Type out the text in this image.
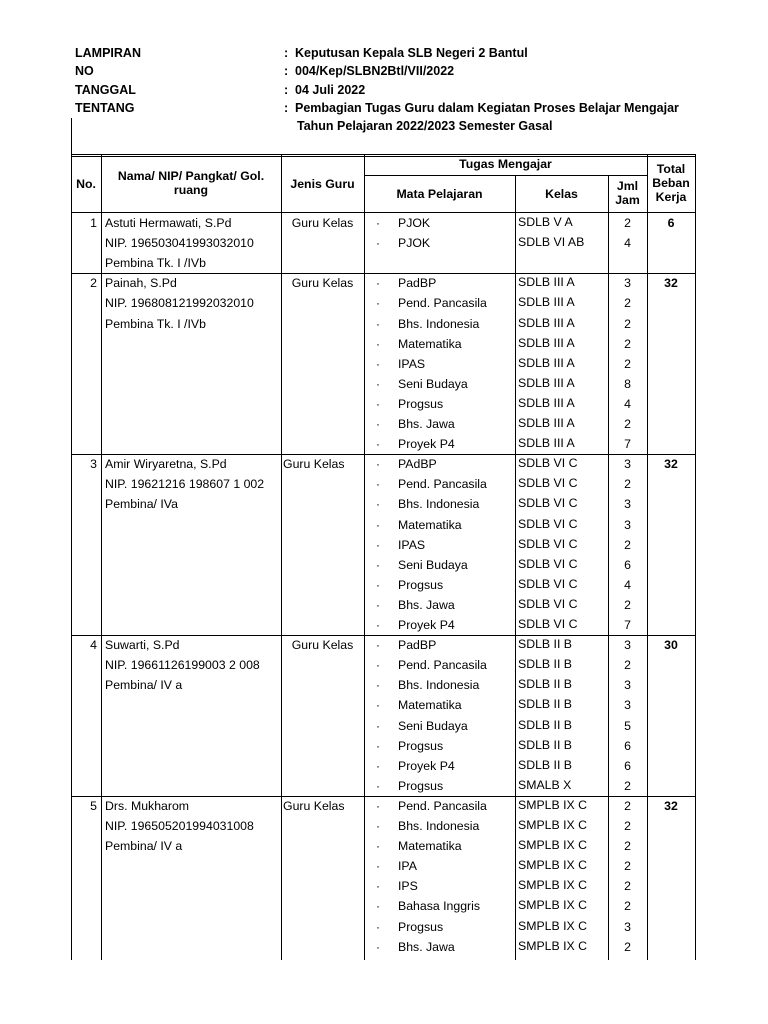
LAMPIRAN	: Keputusan Kepala SLB Negeri 2 Bantul
NO	: 004/Kep/SLBN2Btl/VII/2022
TANGGAL	: 04 Juli 2022
TENTANG	: Pembagian Tugas Guru dalam Kegiatan Proses Belajar Mengajar
Tahun Pelajaran 2022/2023 Semester Gasal
No.
Nama/ NIP/ Pangkat/ Gol. ruang	Jenis Guru
Tugas Mengajar
Mata Pelajaran	Kelas
Jml Jam
Total Beban Kerja
1 Astuti Hermawati, S.Pd
NIP. 196503041993032010
Pembina Tk. I /IVb
Guru Kelas	6
· PJOK	SDLB V A	2
· PJOK	SDLB VI AB	4
2 Painah, S.Pd
NIP. 196808121992032010
Pembina Tk. I /IVb
Guru Kelas	32
· PadBP	SDLB III A	3
· Pend. Pancasila	SDLB III A	2
· Bhs. Indonesia	SDLB III A	2
· Matematika	SDLB III A	2
· IPAS	SDLB III A	2
· Seni Budaya	SDLB III A	8
· Progsus	SDLB III A	4
· Bhs. Jawa	SDLB III A	2
· Proyek P4	SDLB III A	7
3 Amir Wiryaretna, S.Pd
NIP. 19621216 198607 1 002
Pembina/ IVa
Guru Kelas	32
· PAdBP	SDLB VI C	3
· Pend. Pancasila	SDLB VI C	2
· Bhs. Indonesia	SDLB VI C	3
· Matematika	SDLB VI C	3
· IPAS	SDLB VI C	2
· Seni Budaya	SDLB VI C	6
· Progsus	SDLB VI C	4
· Bhs. Jawa	SDLB VI C	2
· Proyek P4	SDLB VI C	7
4 Suwarti, S.Pd
NIP. 19661126199003 2 008
Pembina/ IV a
Guru Kelas	30
· PadBP	SDLB II B	3
· Pend. Pancasila	SDLB II B	2
· Bhs. Indonesia	SDLB II B	3
· Matematika	SDLB II B	3
· Seni Budaya	SDLB II B	5
· Progsus	SDLB II B	6
· Proyek P4	SDLB II B	6
· Progsus	SMALB X	2
5 Drs. Mukharom
NIP. 196505201994031008
Pembina/ IV a
Guru Kelas	32
· Pend. Pancasila	SMPLB IX C	2
· Bhs. Indonesia	SMPLB IX C	2
· Matematika	SMPLB IX C	2
· IPA	SMPLB IX C	2
· IPS	SMPLB IX C	2
· Bahasa Inggris	SMPLB IX C	2
· Progsus	SMPLB IX C	3
· Bhs. Jawa	SMPLB IX C	2
